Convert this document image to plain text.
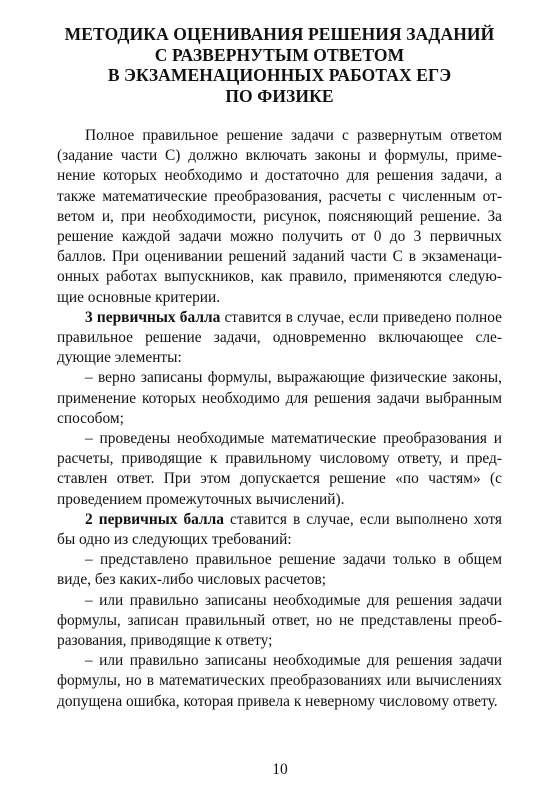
МЕТОДИКА ОЦЕНИВАНИЯ РЕШЕНИЯ ЗАДАНИЙ
С РАЗВЕРНУТЫМ ОТВЕТОМ
В ЭКЗАМЕНАЦИОННЫХ РАБОТАХ ЕГЭ
ПО ФИЗИКЕ

Полное правильное решение задачи с развернутым ответом (задание части С) должно включать законы и формулы, применение которых необходимо и достаточно для решения задачи, а также математические преобразования, расчеты с численным ответом и, при необходимости, рисунок, поясняющий решение. За решение каждой задачи можно получить от 0 до 3 первичных баллов. При оценивании решений заданий части С в экзаменационных работах выпускников, как правило, применяются следующие основные критерии.

3 первичных балла ставится в случае, если приведено полное правильное решение задачи, одновременно включающее следующие элементы:

– верно записаны формулы, выражающие физические законы, применение которых необходимо для решения задачи выбранным способом;

– проведены необходимые математические преобразования и расчеты, приводящие к правильному числовому ответу, и представлен ответ. При этом допускается решение «по частям» (с проведением промежуточных вычислений).

2 первичных балла ставится в случае, если выполнено хотя бы одно из следующих требований:

– представлено правильное решение задачи только в общем виде, без каких-либо числовых расчетов;

– или правильно записаны необходимые для решения задачи формулы, записан правильный ответ, но не представлены преобразования, приводящие к ответу;

– или правильно записаны необходимые для решения задачи формулы, но в математических преобразованиях или вычислениях допущена ошибка, которая привела к неверному числовому ответу.

10
